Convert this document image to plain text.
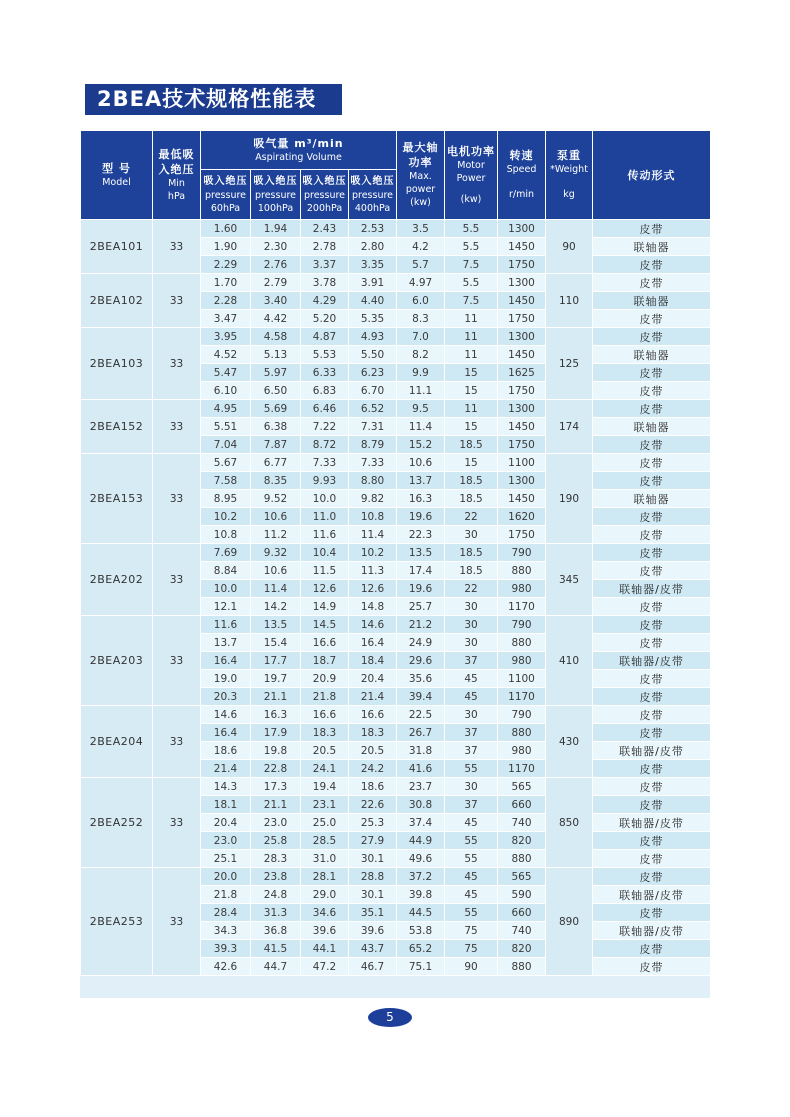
2BEA技术规格性能表
型 号
Model	最低吸
入绝压
Min
hPa	吸气量 m³/min
Aspirating Volume				最大轴
功率
Max.
power
(kw)	电机功率
Motor
Power
(kw)	转速
Speed
r/min	泵重
*Weight
kg	传动形式

		吸入绝压
pressure
60hPa	吸入绝压
pressure
100hPa	吸入绝压
pressure
200hPa	吸入绝压
pressure
400hPa					

2BEA101	33	1.60	1.94	2.43	2.53	3.5	5.5	1300	90	皮带
		1.90	2.30	2.78	2.80	4.2	5.5	1450		联轴器
		2.29	2.76	3.37	3.35	5.7	7.5	1750		皮带
2BEA102	33	1.70	2.79	3.78	3.91	4.97	5.5	1300	110	皮带
		2.28	3.40	4.29	4.40	6.0	7.5	1450		联轴器
		3.47	4.42	5.20	5.35	8.3	11	1750		皮带
2BEA103	33	3.95	4.58	4.87	4.93	7.0	11	1300	125	皮带
		4.52	5.13	5.53	5.50	8.2	11	1450		联轴器
		5.47	5.97	6.33	6.23	9.9	15	1625		皮带
		6.10	6.50	6.83	6.70	11.1	15	1750		皮带
2BEA152	33	4.95	5.69	6.46	6.52	9.5	11	1300	174	皮带
		5.51	6.38	7.22	7.31	11.4	15	1450		联轴器
		7.04	7.87	8.72	8.79	15.2	18.5	1750		皮带
2BEA153	33	5.67	6.77	7.33	7.33	10.6	15	1100	190	皮带
		7.58	8.35	9.93	8.80	13.7	18.5	1300		皮带
		8.95	9.52	10.0	9.82	16.3	18.5	1450		联轴器
		10.2	10.6	11.0	10.8	19.6	22	1620		皮带
		10.8	11.2	11.6	11.4	22.3	30	1750		皮带
2BEA202	33	7.69	9.32	10.4	10.2	13.5	18.5	790	345	皮带
		8.84	10.6	11.5	11.3	17.4	18.5	880		皮带
		10.0	11.4	12.6	12.6	19.6	22	980		联轴器/皮带
		12.1	14.2	14.9	14.8	25.7	30	1170		皮带
2BEA203	33	11.6	13.5	14.5	14.6	21.2	30	790	410	皮带
		13.7	15.4	16.6	16.4	24.9	30	880		皮带
		16.4	17.7	18.7	18.4	29.6	37	980		联轴器/皮带
		19.0	19.7	20.9	20.4	35.6	45	1100		皮带
		20.3	21.1	21.8	21.4	39.4	45	1170		皮带
2BEA204	33	14.6	16.3	16.6	16.6	22.5	30	790	430	皮带
		16.4	17.9	18.3	18.3	26.7	37	880		皮带
		18.6	19.8	20.5	20.5	31.8	37	980		联轴器/皮带
		21.4	22.8	24.1	24.2	41.6	55	1170		皮带
2BEA252	33	14.3	17.3	19.4	18.6	23.7	30	565	850	皮带
		18.1	21.1	23.1	22.6	30.8	37	660		皮带
		20.4	23.0	25.0	25.3	37.4	45	740		联轴器/皮带
		23.0	25.8	28.5	27.9	44.9	55	820		皮带
		25.1	28.3	31.0	30.1	49.6	55	880		皮带
2BEA253	33	20.0	23.8	28.1	28.8	37.2	45	565	890	皮带
		21.8	24.8	29.0	30.1	39.8	45	590		联轴器/皮带
		28.4	31.3	34.6	35.1	44.5	55	660		皮带
		34.3	36.8	39.6	39.6	53.8	75	740		联轴器/皮带
		39.3	41.5	44.1	43.7	65.2	75	820		皮带
		42.6	44.7	47.2	46.7	75.1	90	880		皮带
5
